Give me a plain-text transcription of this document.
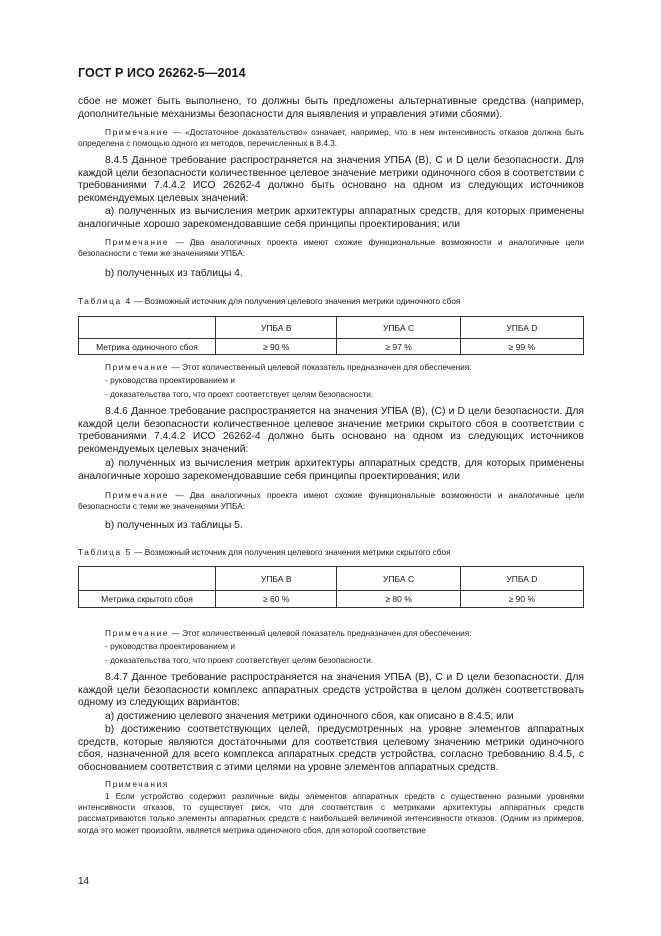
ГОСТ Р ИСО 26262-5—2014
сбое не может быть выполнено, то должны быть предложены альтернативные средства (например, дополнительные механизмы безопасности для выявления и управления этими сбоями).
Примечание — «Достаточное доказательство» означает, например, что в нем интенсивность отказов должна быть определена с помощью одного из методов, перечисленных в 8.4.3.
8.4.5 Данное требование распространяется на значения УПБА (B), C и D цели безопасности. Для каждой цели безопасности количественное целевое значение метрики одиночного сбоя в соответствии с требованиями 7.4.4.2 ИСО 26262-4 должно быть основано на одном из следующих источников рекомендуемых целевых значений:
a) полученных из вычисления метрик архитектуры аппаратных средств, для которых применены аналогичные хорошо зарекомендовавшие себя принципы проектирования; или
Примечание — Два аналогичных проекта имеют схожие функциональные возможности и аналогичные цели безопасности с теми же значениями УПБА:
b) полученных из таблицы 4.
Таблица 4 — Возможный источник для получения целевого значения метрики одиночного сбоя
	УПБА B	УПБА C	УПБА D
Метрика одиночного сбоя	≥ 90 %	≥ 97 %	≥ 99 %
Примечание — Этот количественный целевой показатель предназначен для обеспечения:
- руководства проектированием и
- доказательства того, что проект соответствует целям безопасности.
8.4.6 Данное требование распространяется на значения УПБА (B), (C) и D цели безопасности. Для каждой цели безопасности количественное целевое значение метрики скрытого сбоя в соответствии с требованиями 7.4.4.2 ИСО 26262-4 должно быть основано на одном из следующих источников рекомендуемых целевых значений:
a) полученных из вычисления метрик архитектуры аппаратных средств, для которых применены аналогичные хорошо зарекомендовавшие себя принципы проектирования; или
Примечание — Два аналогичных проекта имеют схожие функциональные возможности и аналогичные цели безопасности с теми же значениями УПБА:
b) полученных из таблицы 5.
Таблица 5 — Возможный источник для получения целевого значения метрики скрытого сбоя
	УПБА B	УПБА C	УПБА D
Метрика скрытого сбоя	≥ 60 %	≥ 80 %	≥ 90 %
Примечание — Этот количественный целевой показатель предназначен для обеспечения:
- руководства проектированием и
- доказательства того, что проект соответствует целям безопасности.
8.4.7 Данное требование распространяется на значения УПБА (B), C и D цели безопасности. Для каждой цели безопасности комплекс аппаратных средств устройства в целом должен соответствовать одному из следующих вариантов:
a) достижению целевого значения метрики одиночного сбоя, как описано в 8.4.5; или
b) достижению соответствующих целей, предусмотренных на уровне элементов аппаратных средств, которые являются достаточными для соответствия целевому значению метрики одиночного сбоя, назначенной для всего комплекса аппаратных средств устройства, согласно требованию 8.4.5, с обоснованием соответствия с этими целями на уровне элементов аппаратных средств.
Примечания
1 Если устройство содержит различные виды элементов аппаратных средств с существенно разными уровнями интенсивности отказов, то существует риск, что для соответствия с метриками архитектуры аппаратных средств рассматриваются только элементы аппаратных средств с наибольшей величиной интенсивности отказов. (Одним из примеров, когда это может произойти, является метрика одиночного сбоя, для которой соответствие
14
